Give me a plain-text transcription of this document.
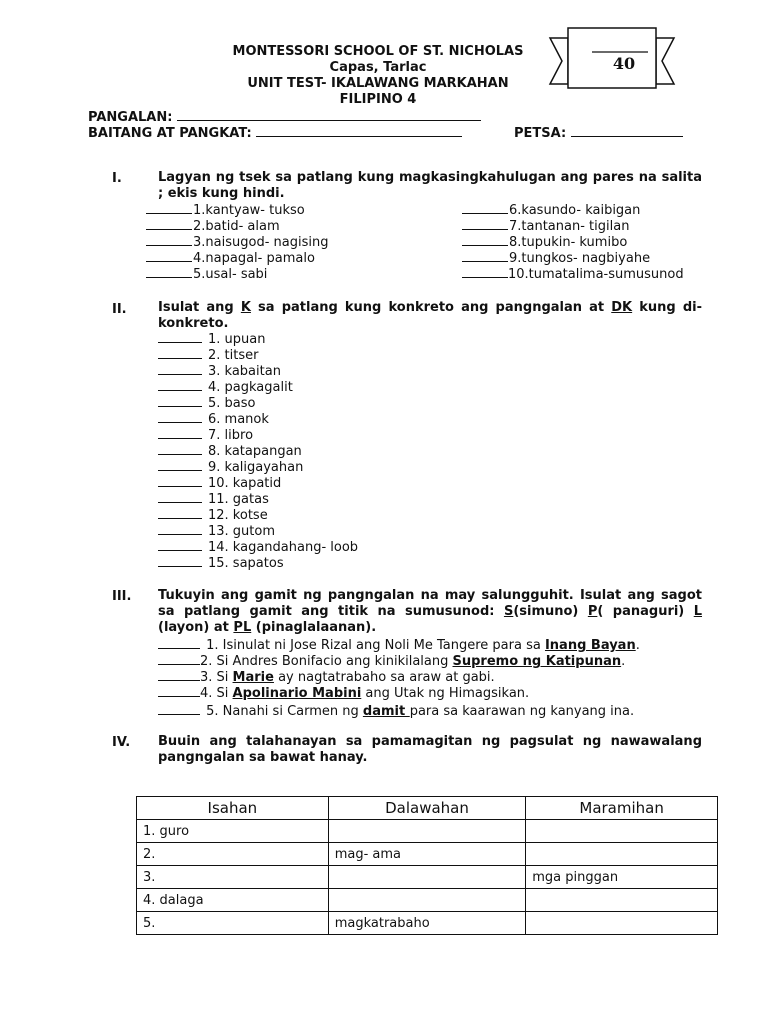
MONTESSORI SCHOOL OF ST. NICHOLAS
Capas, Tarlac
UNIT TEST- IKALAWANG MARKAHAN
FILIPINO 4
40
PANGALAN:
BAITANG AT PANGKAT:	PETSA:
I.	Lagyan ng tsek sa patlang kung magkasingkahulugan ang pares na salita ; ekis kung hindi.
1.kantyaw- tukso
2.batid- alam
3.naisugod- nagising
4.napagal- pamalo
5.usal- sabi
6.kasundo- kaibigan
7.tantanan- tigilan
8.tupukin- kumibo
9.tungkos- nagbiyahe
10.tumatalima-sumusunod
II. Isulat ang K sa patlang kung konkreto ang pangngalan at DK kung di-konkreto.
1. upuan
2. titser
3. kabaitan
4. pagkagalit
5. baso
6. manok
7. libro
8. katapangan
9. kaligayahan
10. kapatid
11. gatas
12. kotse
13. gutom
14. kagandahang- loob
15. sapatos
III. Tukuyin ang gamit ng pangngalan na may salungguhit. Isulat ang sagot sa patlang gamit ang titik na sumusunod: S(simuno) P( panaguri) L (layon) at PL (pinaglalaanan).
1. Isinulat ni Jose Rizal ang Noli Me Tangere para sa Inang Bayan.
2. Si Andres Bonifacio ang kinikilalang Supremo ng Katipunan.
3. Si Marie ay nagtatrabaho sa araw at gabi.
4. Si Apolinario Mabini ang Utak ng Himagsikan.
5. Nanahi si Carmen ng damit para sa kaarawan ng kanyang ina.
IV. Buuin ang talahanayan sa pamamagitan ng pagsulat ng nawawalang pangngalan sa bawat hanay.
Isahan	Dalawahan	Maramihan
1. guro		
2.	mag- ama	
3.		mga pinggan
4. dalaga		
5.	magkatrabaho	
